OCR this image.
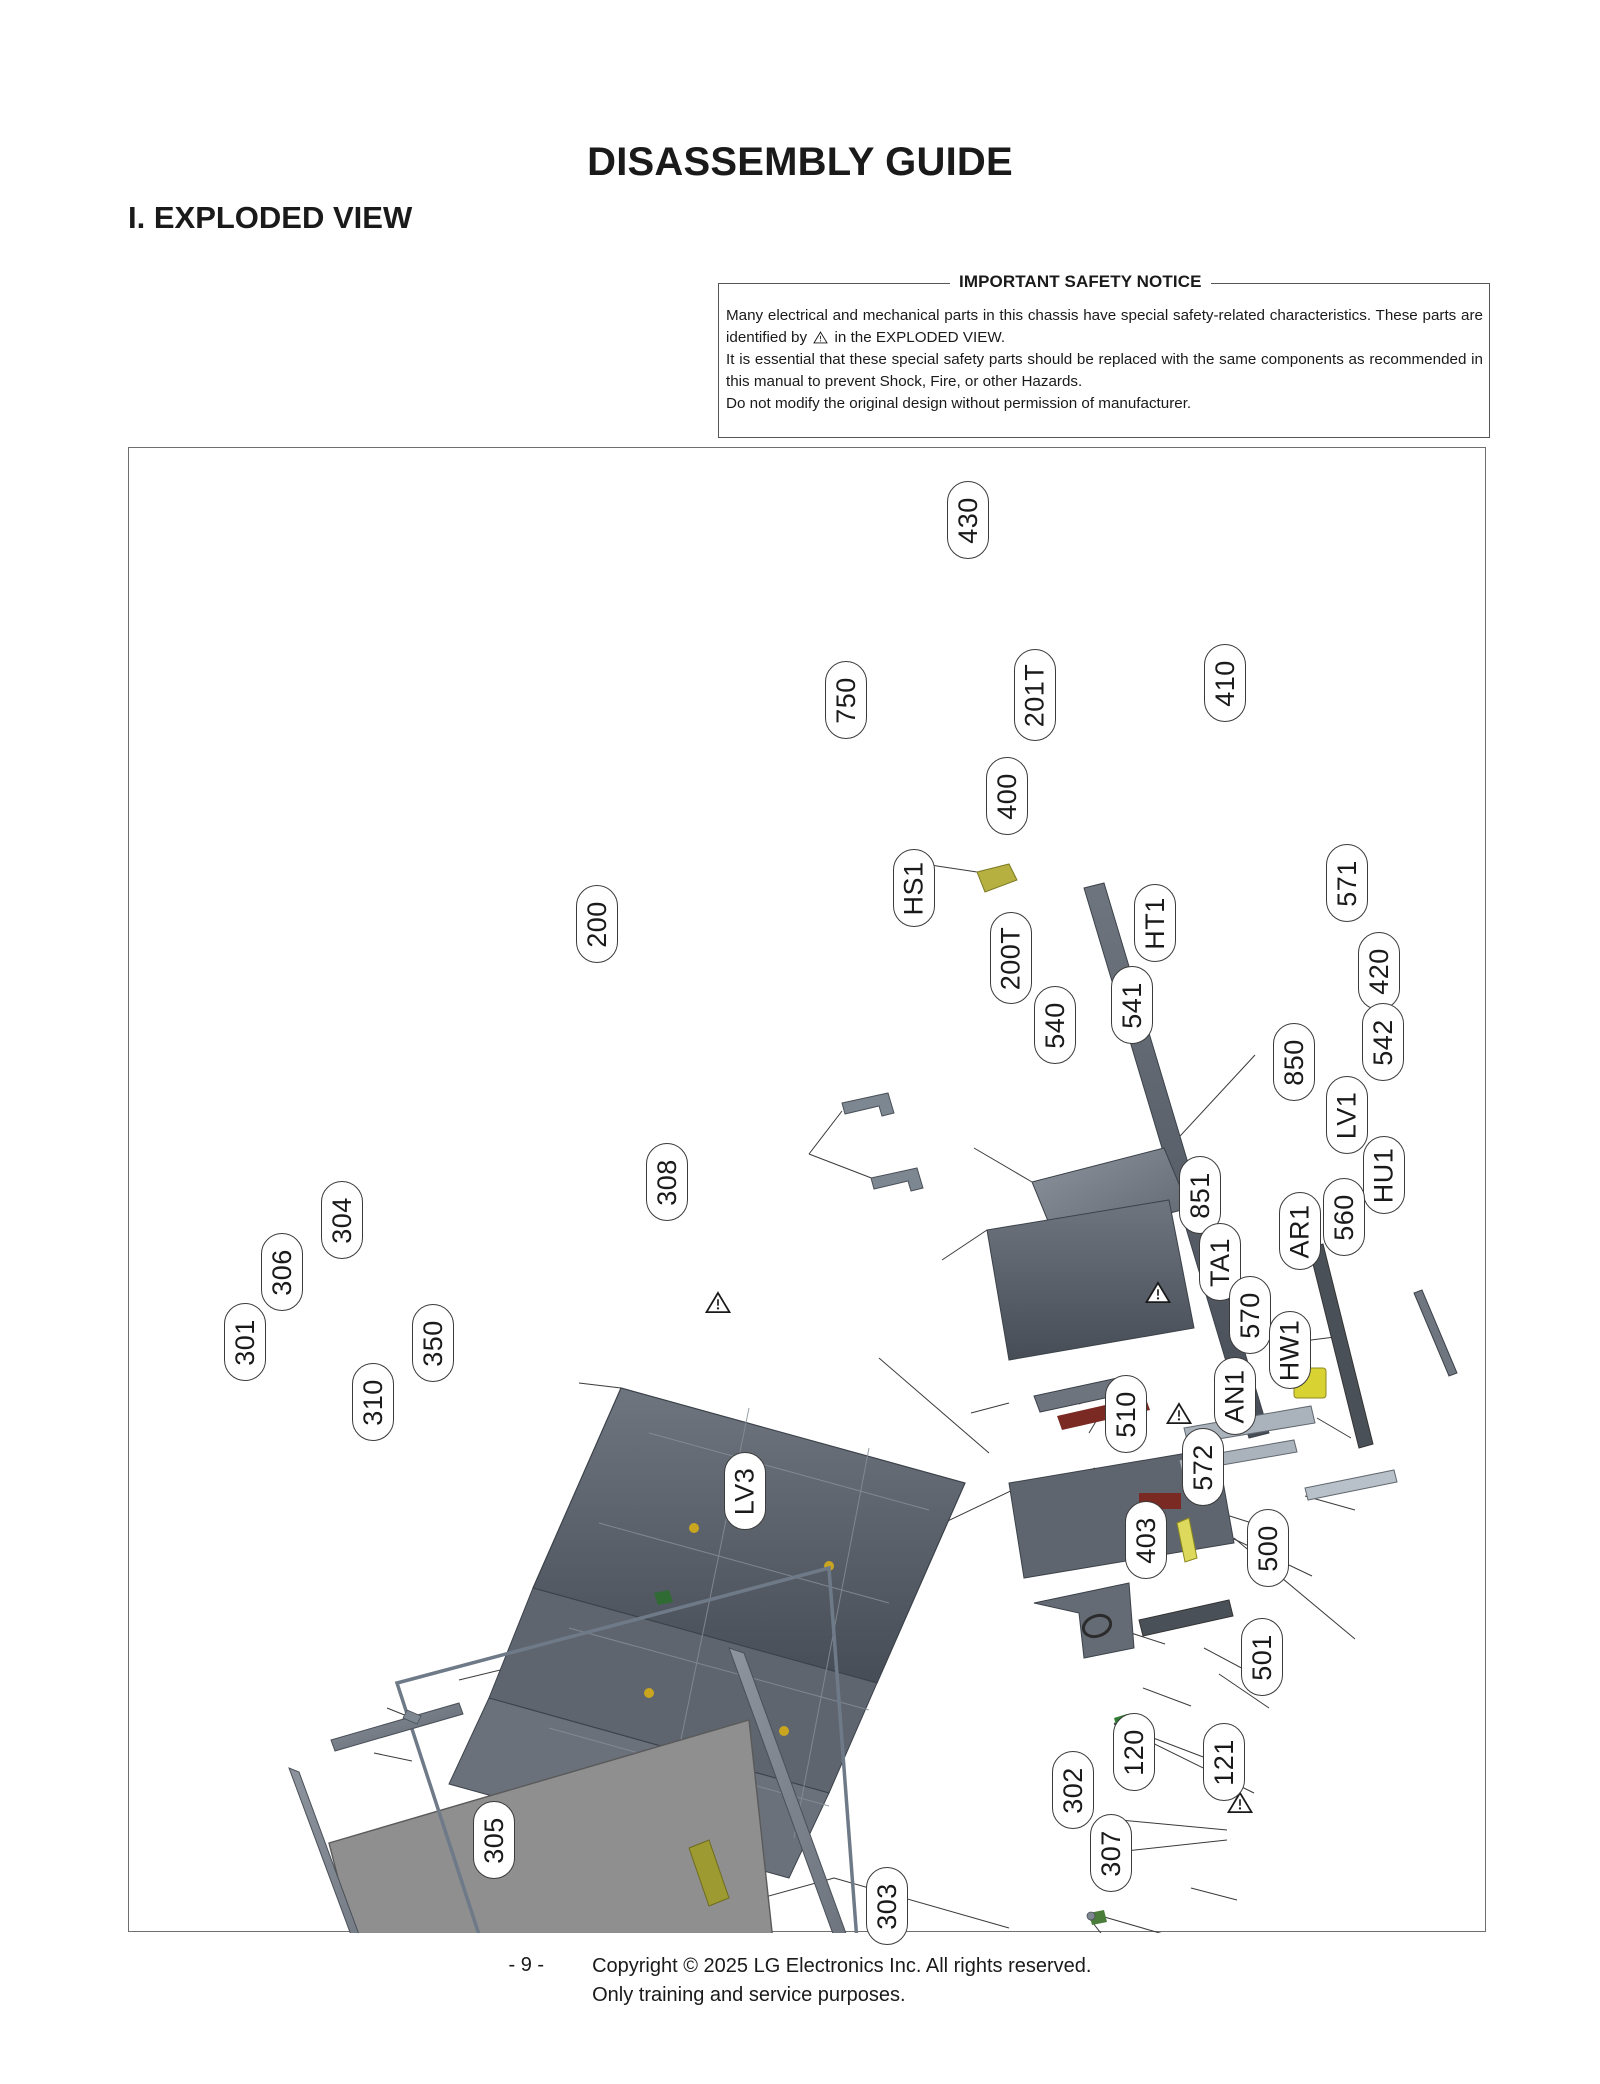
DISASSEMBLY GUIDE
I. EXPLODED VIEW
IMPORTANT SAFETY NOTICE

Many electrical and mechanical parts in this chassis have special safety-related characteristics. These parts are identified by in the EXPLODED VIEW.

It is essential that these special safety parts should be replaced with the same components as recommended in this manual to prevent Shock, Fire, or other Hazards.

Do not modify the original design without permission of manufacturer.

430
750	201T	410
400
571
200
HS1
200T
HT1
420
541
540	542
850
LV1
HU1
851
308
AR1 560
TA1
304
306
570
301	350	HW1
310	AN1
510
572
LV3
403	500
501
120 121
302
305	307
303
- 9 - Copyright © 2025 LG Electronics Inc. All rights reserved.
Only training and service purposes.
